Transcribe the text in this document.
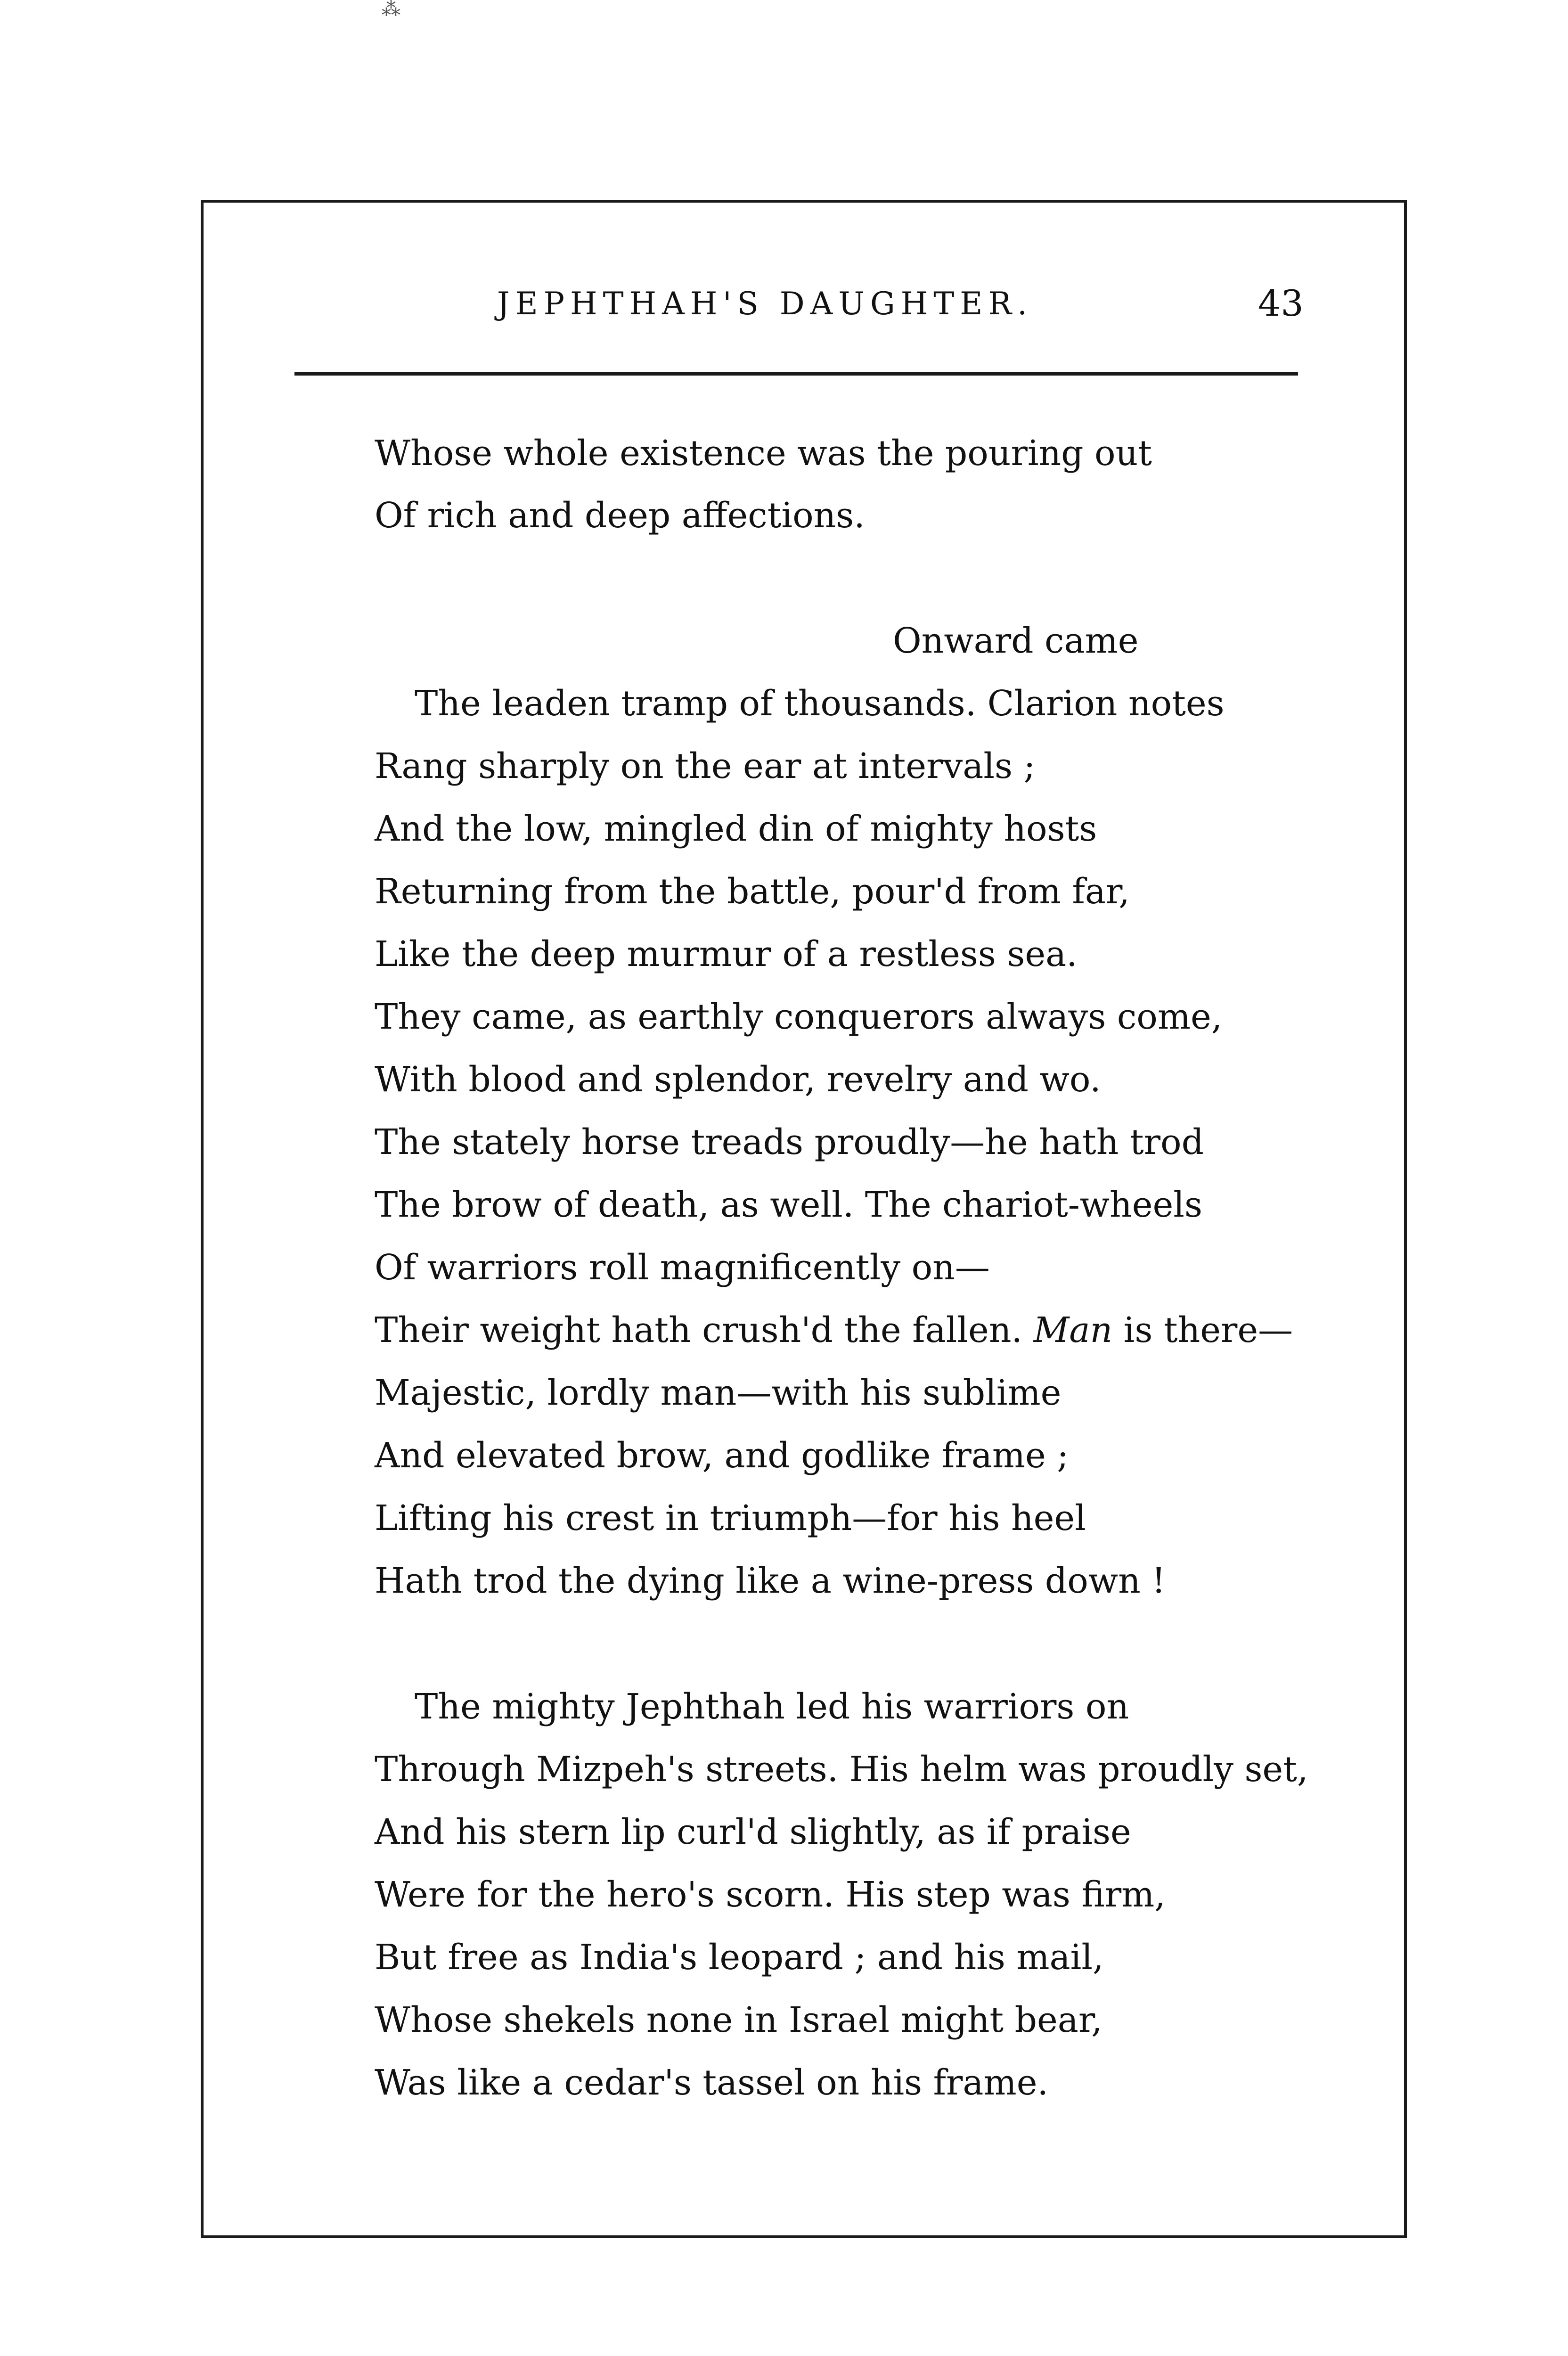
JEPHTHAH'S DAUGHTER.	43
Whose whole existence was the pouring out
Of rich and deep affections.
Onward came
The leaden tramp of thousands. Clarion notes
Rang sharply on the ear at intervals ;
And the low, mingled din of mighty hosts
Returning from the battle, pour'd from far,
Like the deep murmur of a restless sea.
They came, as earthly conquerors always come,
With blood and splendor, revelry and wo.
The stately horse treads proudly—he hath trod
The brow of death, as well. The chariot-wheels
Of warriors roll magnificently on—
Their weight hath crush'd the fallen. Man is there—
Majestic, lordly man—with his sublime
And elevated brow, and godlike frame ;
Lifting his crest in triumph—for his heel
Hath trod the dying like a wine-press down !
The mighty Jephthah led his warriors on
Through Mizpeh's streets. His helm was proudly set,
And his stern lip curl'd slightly, as if praise
Were for the hero's scorn. His step was firm,
But free as India's leopard ; and his mail,
Whose shekels none in Israel might bear,
Was like a cedar's tassel on his frame.
⁂
